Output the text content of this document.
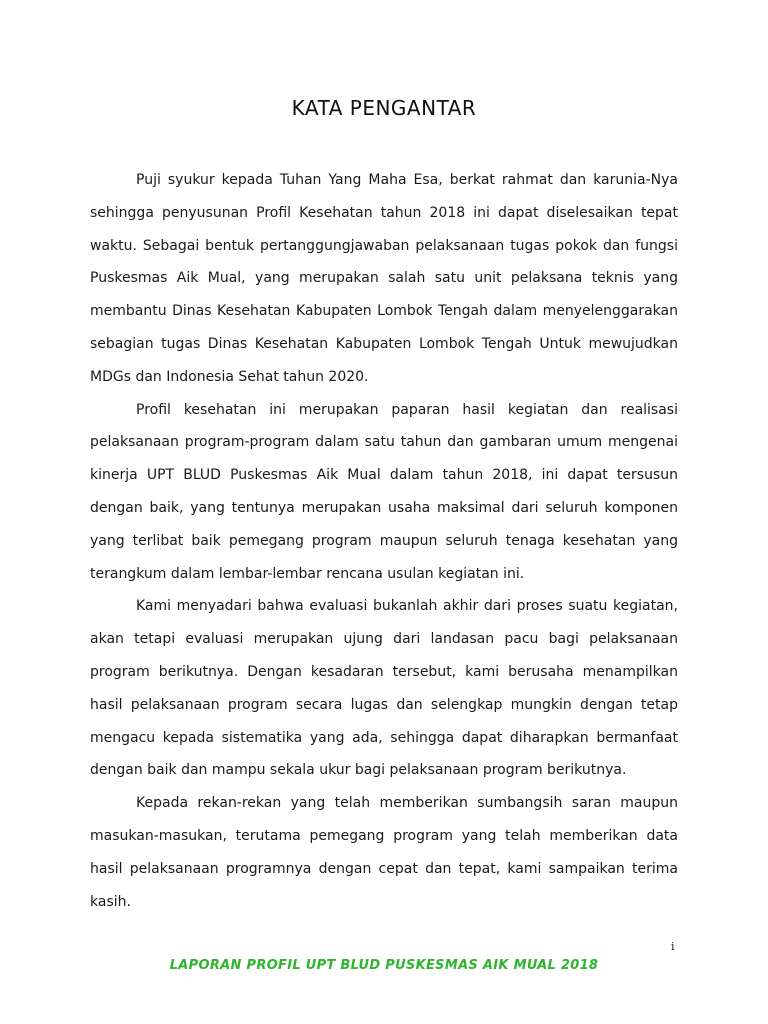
KATA PENGANTAR

Puji syukur kepada Tuhan Yang Maha Esa, berkat rahmat dan karunia-Nya sehingga penyusunan Profil Kesehatan tahun 2018 ini dapat diselesaikan tepat waktu. Sebagai bentuk pertanggungjawaban pelaksanaan tugas pokok dan fungsi Puskesmas Aik Mual, yang merupakan salah satu unit pelaksana teknis yang membantu Dinas Kesehatan Kabupaten Lombok Tengah dalam menyelenggarakan sebagian tugas Dinas Kesehatan Kabupaten Lombok Tengah Untuk mewujudkan MDGs dan Indonesia Sehat tahun 2020.

Profil kesehatan ini merupakan paparan hasil kegiatan dan realisasi pelaksanaan program-program dalam satu tahun dan gambaran umum mengenai kinerja UPT BLUD Puskesmas Aik Mual dalam tahun 2018, ini dapat tersusun dengan baik, yang tentunya merupakan usaha maksimal dari seluruh komponen yang terlibat baik pemegang program maupun seluruh tenaga kesehatan yang terangkum dalam lembar-lembar rencana usulan kegiatan ini.

Kami menyadari bahwa evaluasi bukanlah akhir dari proses suatu kegiatan, akan tetapi evaluasi merupakan ujung dari landasan pacu bagi pelaksanaan program berikutnya. Dengan kesadaran tersebut, kami berusaha menampilkan hasil pelaksanaan program secara lugas dan selengkap mungkin dengan tetap mengacu kepada sistematika yang ada, sehingga dapat diharapkan bermanfaat dengan baik dan mampu sekala ukur bagi pelaksanaan program berikutnya.

Kepada rekan-rekan yang telah memberikan sumbangsih saran maupun masukan-masukan, terutama pemegang program yang telah memberikan data hasil pelaksanaan programnya dengan cepat dan tepat, kami sampaikan terima kasih.

i
LAPORAN PROFIL UPT BLUD PUSKESMAS AIK MUAL 2018
